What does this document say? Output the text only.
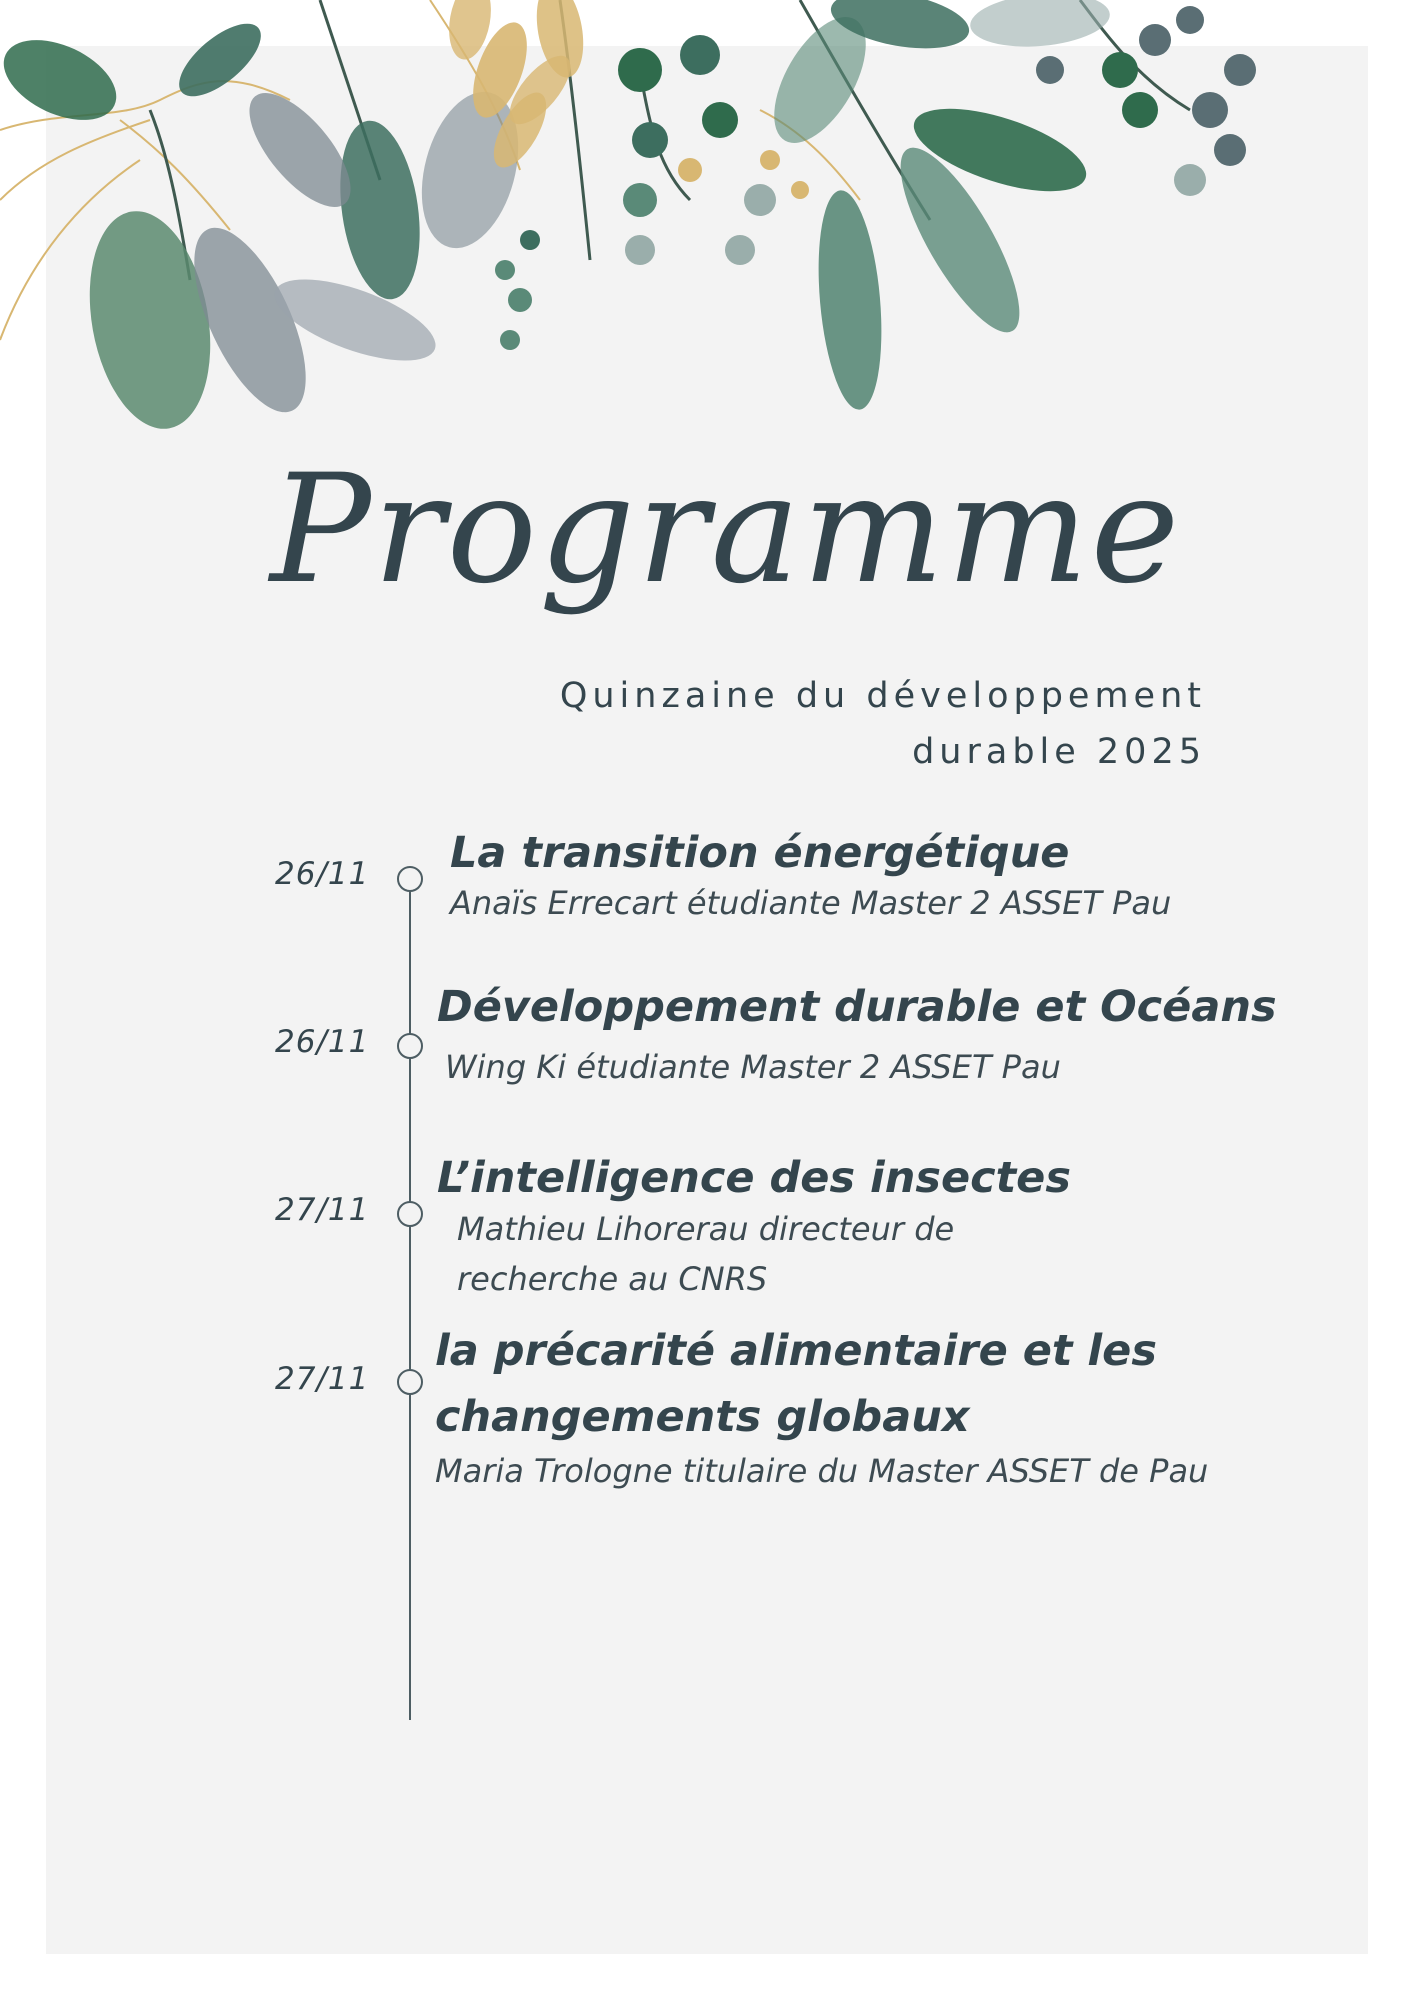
Programme
Quinzaine du développement durable 2025
26/11 La transition énergétique
Anaïs Errecart étudiante Master 2 ASSET Pau
26/11
Développement durable et Océans
Wing Ki étudiante Master 2 ASSET Pau
27/11
L’intelligence des insectes
Mathieu Lihorerau directeur de recherche au CNRS
27/11
la précarité alimentaire et les changements globaux
Maria Trologne titulaire du Master ASSET de Pau
